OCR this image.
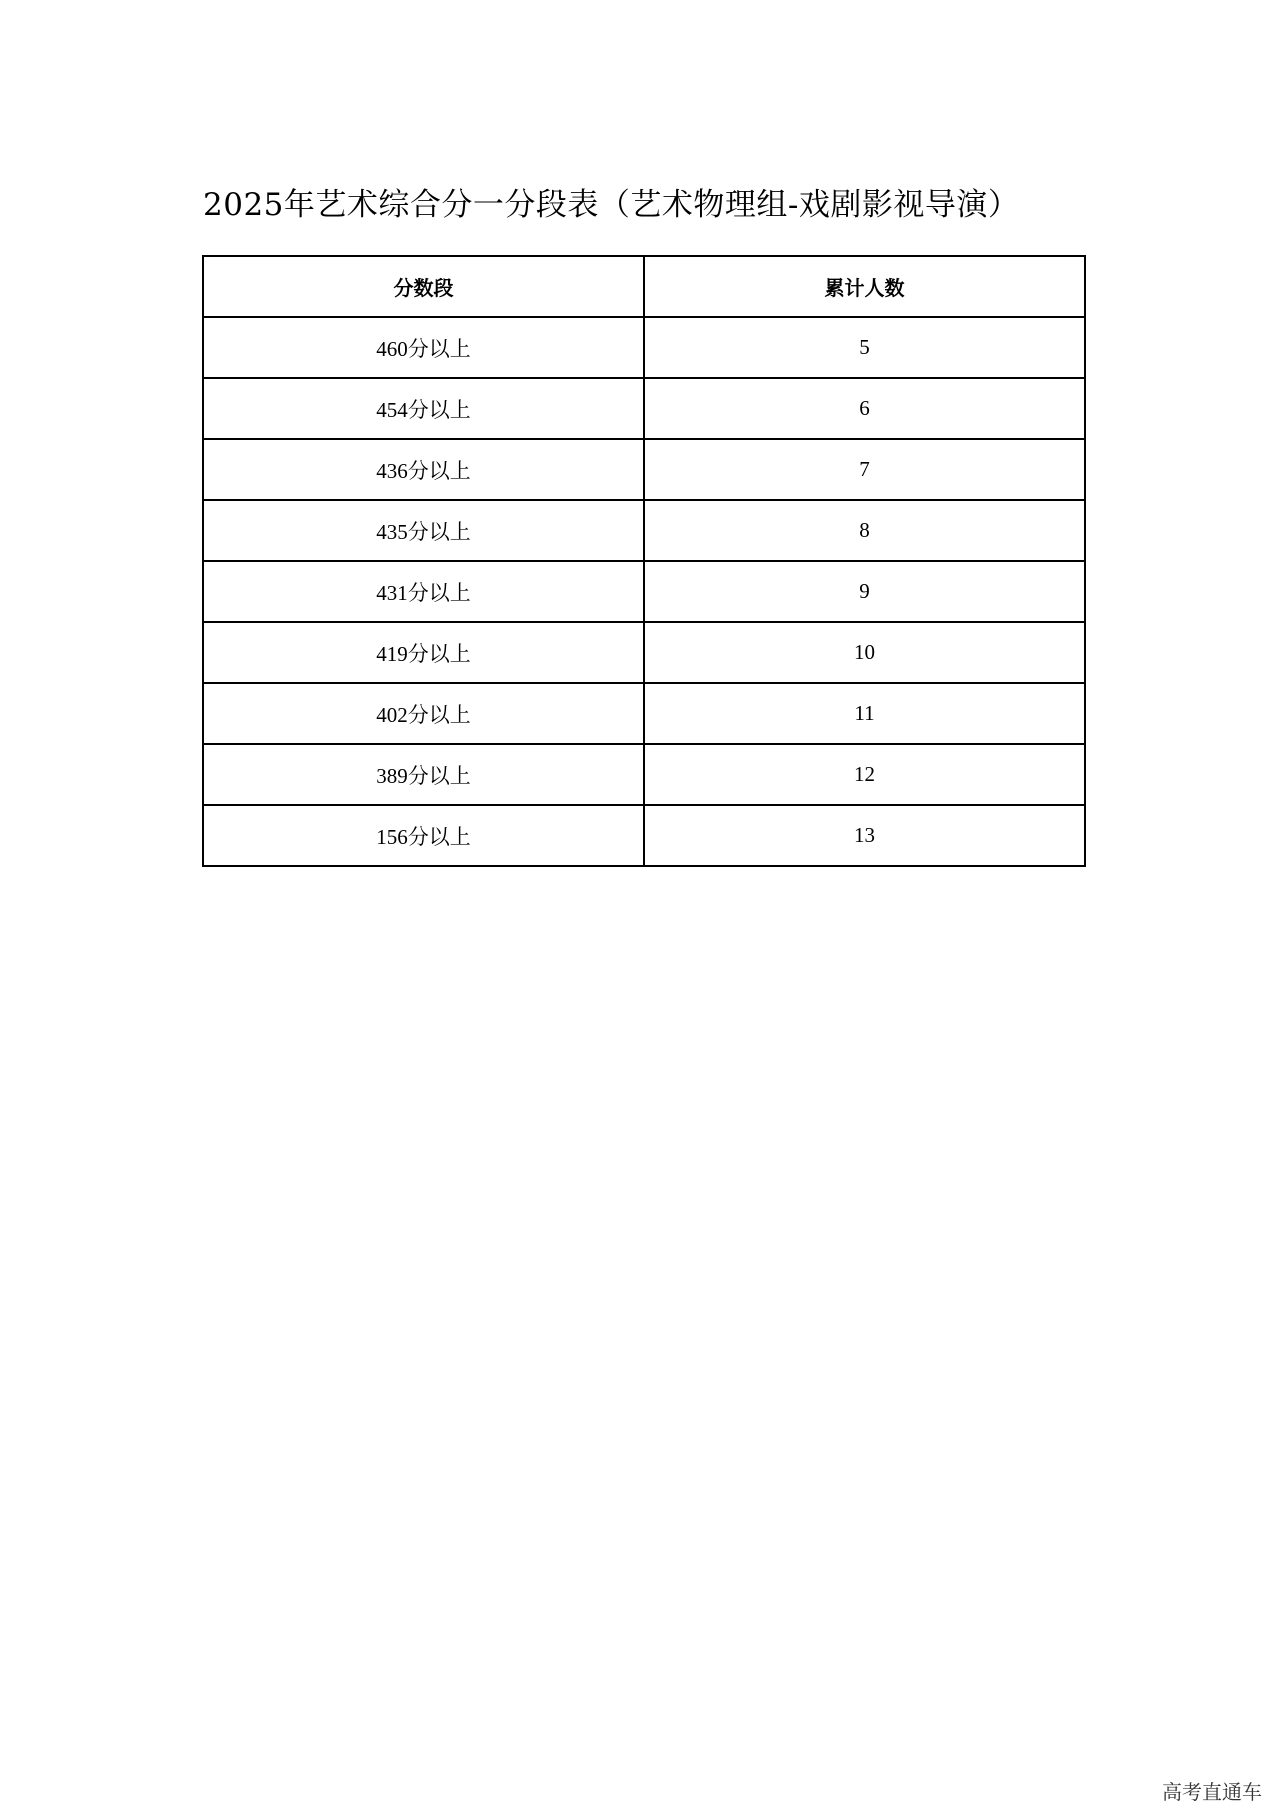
2025年艺术综合分一分段表（艺术物理组-戏剧影视导演）
分数段	累计人数
460分以上	5
454分以上	6
436分以上	7
435分以上	8
431分以上	9
419分以上	10
402分以上	11
389分以上	12
156分以上	13
高考直通车
